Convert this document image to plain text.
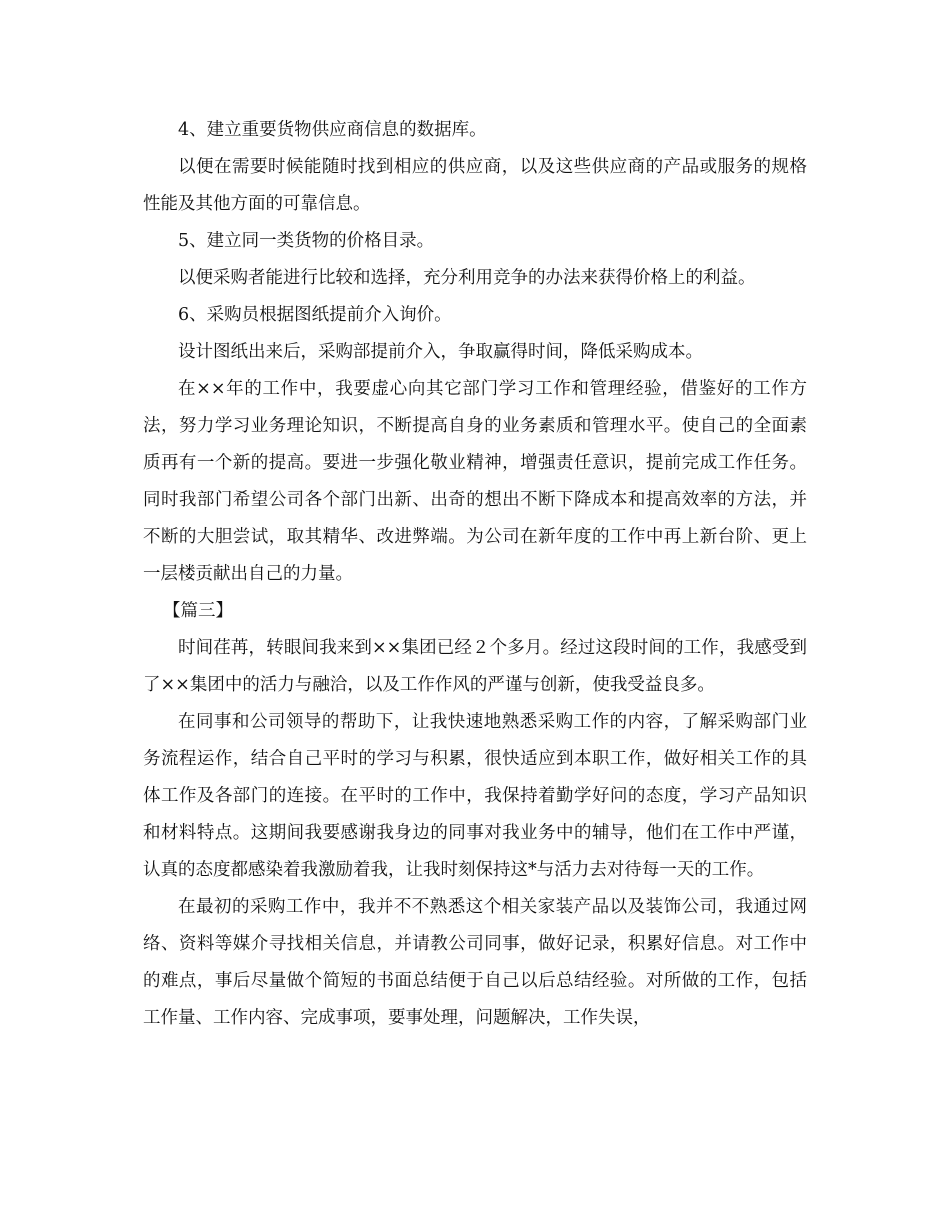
4、建立重要货物供应商信息的数据库。

以便在需要时候能随时找到相应的供应商，以及这些供应商的产品或服务的规格性能及其他方面的可靠信息。

5、建立同一类货物的价格目录。

以便采购者能进行比较和选择，充分利用竞争的办法来获得价格上的利益。

6、采购员根据图纸提前介入询价。

设计图纸出来后，采购部提前介入，争取赢得时间，降低采购成本。

在××年的工作中，我要虚心向其它部门学习工作和管理经验，借鉴好的工作方法，努力学习业务理论知识，不断提高自身的业务素质和管理水平。使自己的全面素质再有一个新的提高。要进一步强化敬业精神，增强责任意识，提前完成工作任务。同时我部门希望公司各个部门出新、出奇的想出不断下降成本和提高效率的方法，并不断的大胆尝试，取其精华、改进弊端。为公司在新年度的工作中再上新台阶、更上一层楼贡献出自己的力量。

【篇三】

时间荏苒，转眼间我来到××集团已经２个多月。经过这段时间的工作，我感受到了××集团中的活力与融洽，以及工作作风的严谨与创新，使我受益良多。

在同事和公司领导的帮助下，让我快速地熟悉采购工作的内容，了解采购部门业务流程运作，结合自己平时的学习与积累，很快适应到本职工作，做好相关工作的具体工作及各部门的连接。在平时的工作中，我保持着勤学好问的态度，学习产品知识和材料特点。这期间我要感谢我身边的同事对我业务中的辅导，他们在工作中严谨，认真的态度都感染着我激励着我，让我时刻保持这*与活力去对待每一天的工作。

在最初的采购工作中，我并不不熟悉这个相关家装产品以及装饰公司，我通过网络、资料等媒介寻找相关信息，并请教公司同事，做好记录，积累好信息。对工作中的难点，事后尽量做个简短的书面总结便于自己以后总结经验。对所做的工作，包括工作量、工作内容、完成事项，要事处理，问题解决，工作失误，
